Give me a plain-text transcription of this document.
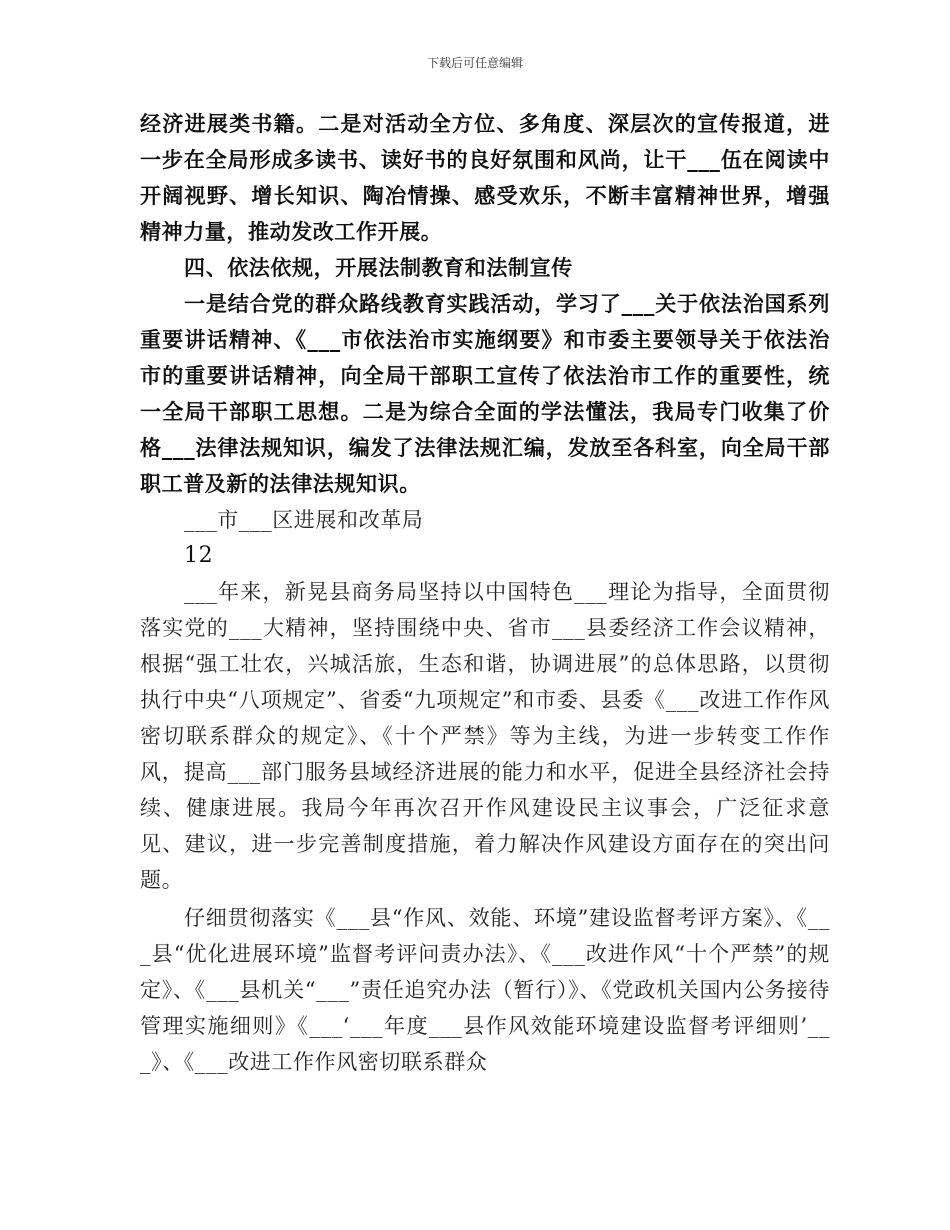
下载后可任意编辑

经济进展类书籍。二是对活动全方位、多角度、深层次的宣传报道，进一步在全局形成多读书、读好书的良好氛围和风尚，让干___伍在阅读中开阔视野、增长知识、陶冶情操、感受欢乐，不断丰富精神世界，增强精神力量，推动发改工作开展。

四、依法依规，开展法制教育和法制宣传

一是结合党的群众路线教育实践活动，学习了___关于依法治国系列重要讲话精神、《___市依法治市实施纲要》和市委主要领导关于依法治市的重要讲话精神，向全局干部职工宣传了依法治市工作的重要性，统一全局干部职工思想。二是为综合全面的学法懂法，我局专门收集了价格___法律法规知识，编发了法律法规汇编，发放至各科室，向全局干部职工普及新的法律法规知识。

___市___区进展和改革局

12

___年来，新晃县商务局坚持以中国特色___理论为指导，全面贯彻落实党的___大精神，坚持围绕中央、省市___县委经济工作会议精神，根据“强工壮农，兴城活旅，生态和谐，协调进展”的总体思路，以贯彻执行中央“八项规定”、省委“九项规定”和市委、县委《___改进工作作风密切联系群众的规定》、《十个严禁》等为主线，为进一步转变工作作风，提高___部门服务县域经济进展的能力和水平，促进全县经济社会持续、健康进展。我局今年再次召开作风建设民主议事会，广泛征求意见、建议，进一步完善制度措施，着力解决作风建设方面存在的突出问题。

仔细贯彻落实《___县“作风、效能、环境”建设监督考评方案》、《___县“优化进展环境”监督考评问责办法》、《___改进作风“十个严禁”的规定》、《___县机关“___”责任追究办法（暂行）》、《党政机关国内公务接待管理实施细则》《___‘___年度___县作风效能环境建设监督考评细则’___》、《___改进工作作风密切联系群众
